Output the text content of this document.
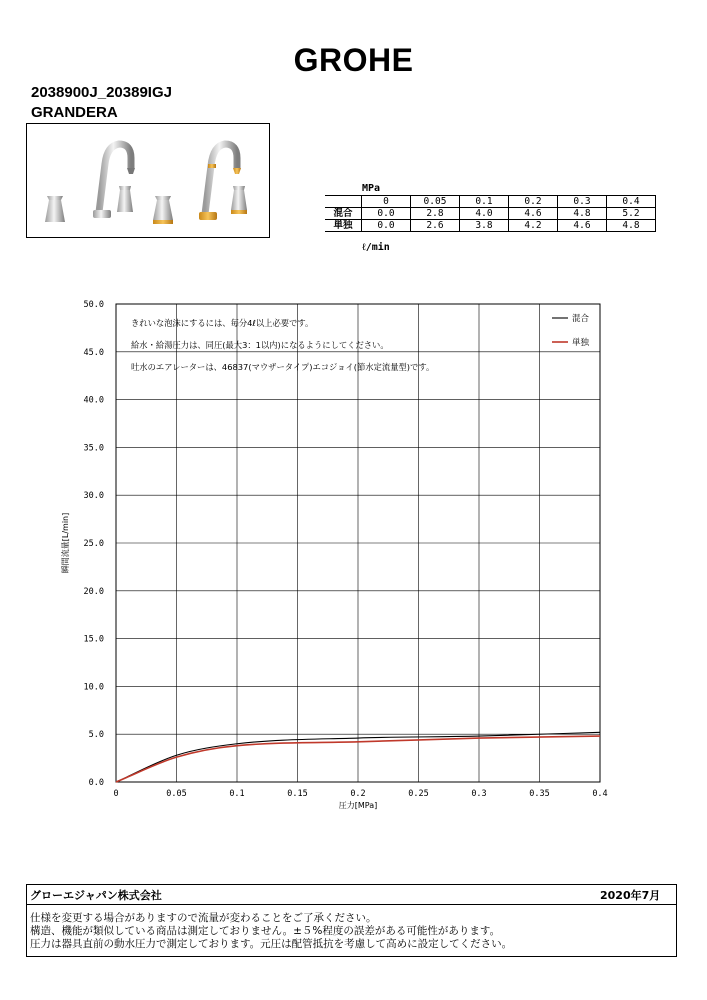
GROHE
2038900J_20389IGJ
GRANDERA
MPa
	0	0.05	0.1	0.2	0.3	0.4
混合	0.0	2.8	4.0	4.6	4.8	5.2
単独	0.0	2.6	3.8	4.2	4.6	4.8
ℓ/min
0	0.05	0.1	0.15	0.2	0.25	0.3	0.35	0.4
0.0
5.0
10.0
15.0
20.0
25.0
30.0
35.0
40.0
45.0
50.0
混合
単独
きれいな泡沫にするには、毎分4ℓ以上必要です。
給水・給湯圧力は、同圧(最大3：1以内)になるようにしてください。
吐水のエアレーターは、46837(マウザータイプ)エコジョイ(節水定流量型)です。
圧力[MPa]
瞬間流量[L/min]
グローエジャパン株式会社	2020年7月
仕様を変更する場合がありますので流量が変わることをご了承ください。
構造、機能が類似している商品は測定しておりません。±５%程度の誤差がある可能性があります。
圧力は器具直前の動水圧力で測定しております。元圧は配管抵抗を考慮して高めに設定してください。
